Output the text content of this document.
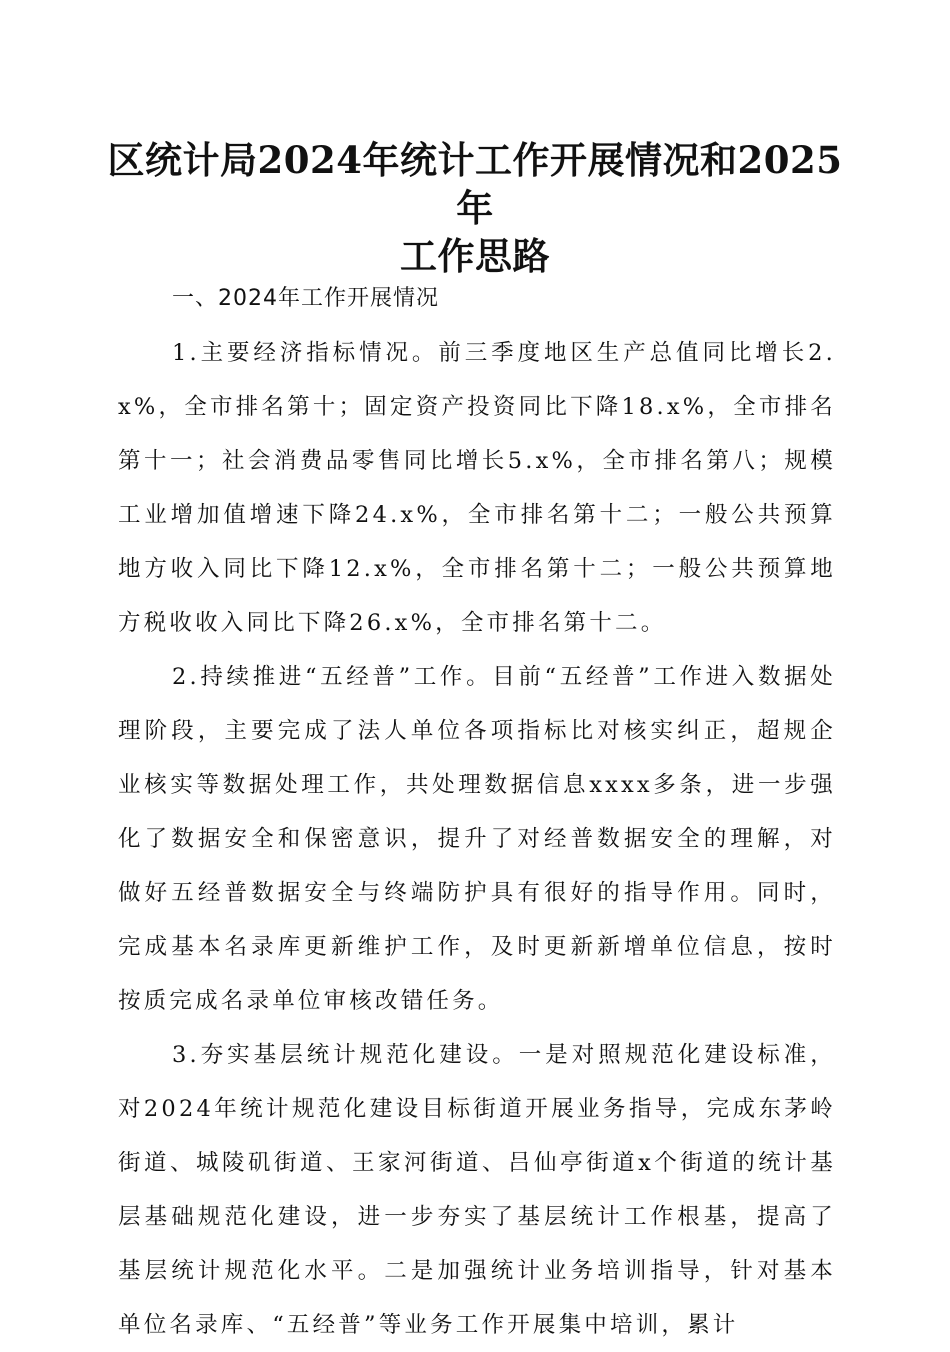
区统计局2024年统计工作开展情况和2025年
工作思路
一、2024年工作开展情况

1.主要经济指标情况。前三季度地区生产总值同比增长2.x%，全市排名第十；固定资产投资同比下降18.x%，全市排名第十一；社会消费品零售同比增长5.x%，全市排名第八；规模工业增加值增速下降24.x%，全市排名第十二；一般公共预算地方收入同比下降12.x%，全市排名第十二；一般公共预算地方税收收入同比下降26.x%，全市排名第十二。

2.持续推进“五经普”工作。目前“五经普”工作进入数据处理阶段，主要完成了法人单位各项指标比对核实纠正，超规企业核实等数据处理工作，共处理数据信息xxxx多条，进一步强化了数据安全和保密意识，提升了对经普数据安全的理解，对做好五经普数据安全与终端防护具有很好的指导作用。同时，完成基本名录库更新维护工作，及时更新新增单位信息，按时按质完成名录单位审核改错任务。

3.夯实基层统计规范化建设。一是对照规范化建设标准，对2024年统计规范化建设目标街道开展业务指导，完成东茅岭街道、城陵矶街道、王家河街道、吕仙亭街道x个街道的统计基层基础规范化建设，进一步夯实了基层统计工作根基，提高了基层统计规范化水平。二是加强统计业务培训指导，针对基本单位名录库、“五经普”等业务工作开展集中培训，累计
